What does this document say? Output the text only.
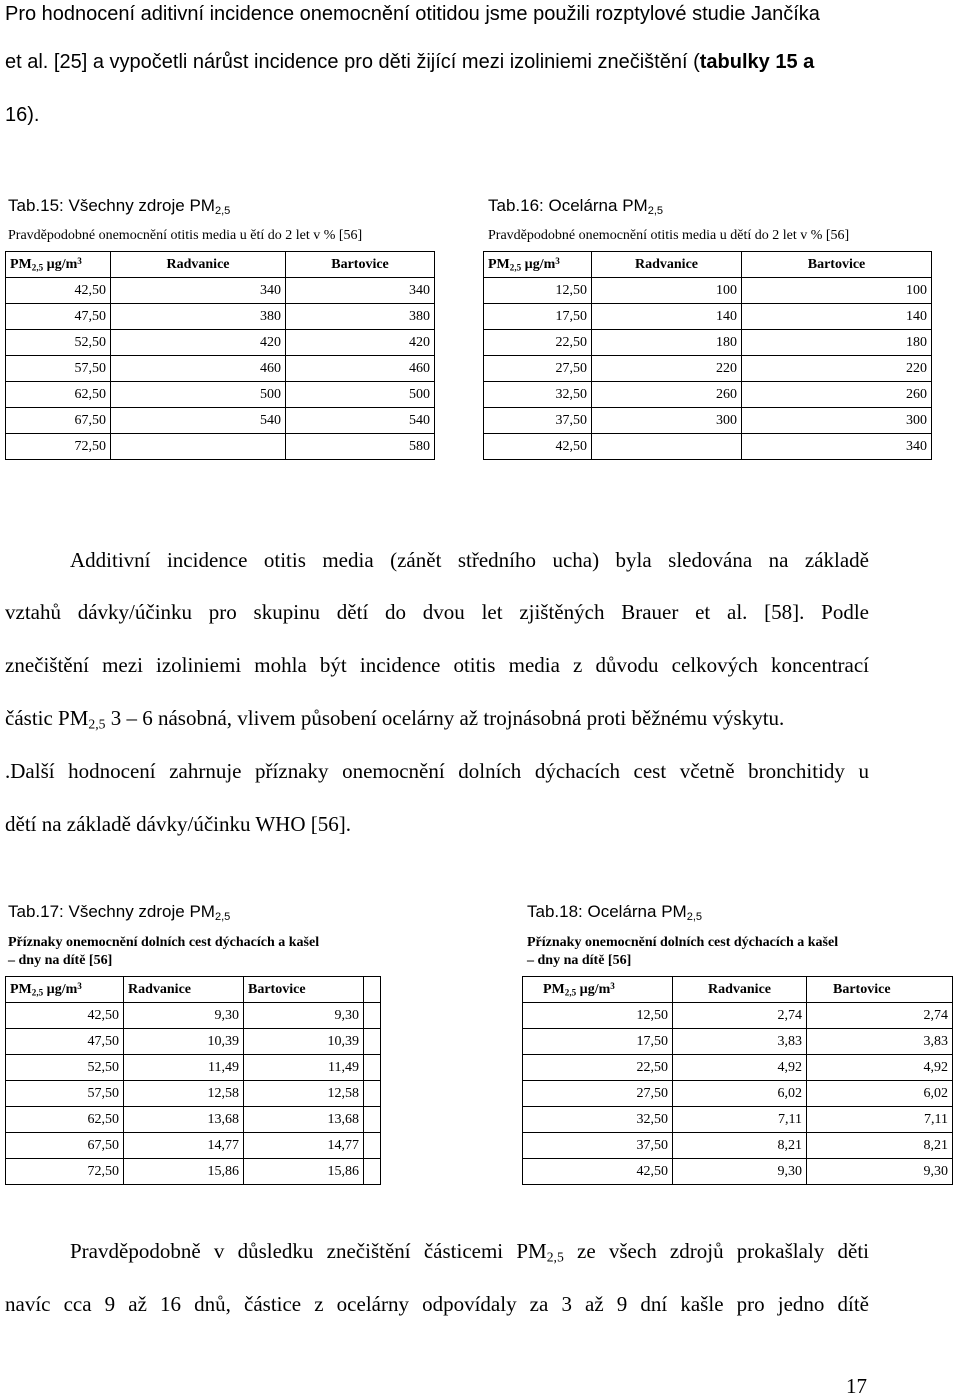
Pro hodnocení aditivní incidence onemocnění otitidou jsme použili rozptylové studie Jančíka
et al. [25] a vypočetli nárůst incidence pro děti žijící mezi izoliniemi znečištění (tabulky 15 a
16).
Tab.15: Všechny zdroje $PM_{2,5}$
Pravděpodobné onemocnění otitis media u ětí do 2 let v % [56]
$PM_{2,5}$ $\mu g/m^3$	Radvanice	Bartovice
42,50	340	340
47,50	380	380
52,50	420	420
57,50	460	460
62,50	500	500
67,50	540	540
72,50		580
Tab.16: Ocelárna $PM_{2,5}$
Pravděpodobné onemocnění otitis media u dětí do 2 let v % [56]
$PM_{2,5}$ $\mu g/m^3$	Radvanice	Bartovice
12,50	100	100
17,50	140	140
22,50	180	180
27,50	220	220
32,50	260	260
37,50	300	300
42,50		340
Additivní incidence otitis media (zánět středního ucha) byla sledována na základě
vztahů dávky/účinku pro skupinu dětí do dvou let zjištěných Brauer et al. [58]. Podle
znečištění mezi izoliniemi mohla být incidence otitis media z důvodu celkových koncentrací
částic $PM_{2,5}$ 3 – 6 násobná, vlivem působení ocelárny až trojnásobná proti běžnému výskytu.
.Další hodnocení zahrnuje příznaky onemocnění dolních dýchacích cest včetně bronchitidy u
dětí na základě dávky/účinku WHO [56].
Tab.17: Všechny zdroje $PM_{2,5}$
Příznaky onemocnění dolních cest dýchacích a kašel
– dny na dítě [56]
$PM_{2,5}$ $\mu g/m^3$	Radvanice	Bartovice	
42,50	9,30	9,30	
47,50	10,39	10,39	
52,50	11,49	11,49	
57,50	12,58	12,58	
62,50	13,68	13,68	
67,50	14,77	14,77	
72,50	15,86	15,86	
Tab.18: Ocelárna $PM_{2,5}$
Příznaky onemocnění dolních cest dýchacích a kašel
– dny na dítě [56]
$PM_{2,5}$ $\mu g/m^3$	Radvanice	Bartovice
12,50	2,74	2,74
17,50	3,83	3,83
22,50	4,92	4,92
27,50	6,02	6,02
32,50	7,11	7,11
37,50	8,21	8,21
42,50	9,30	9,30
Pravděpodobně v důsledku znečištění částicemi $PM_{2,5}$ ze všech zdrojů prokašlaly děti
navíc cca 9 až 16 dnů, částice z ocelárny odpovídaly za 3 až 9 dní kašle pro jedno dítě
17
